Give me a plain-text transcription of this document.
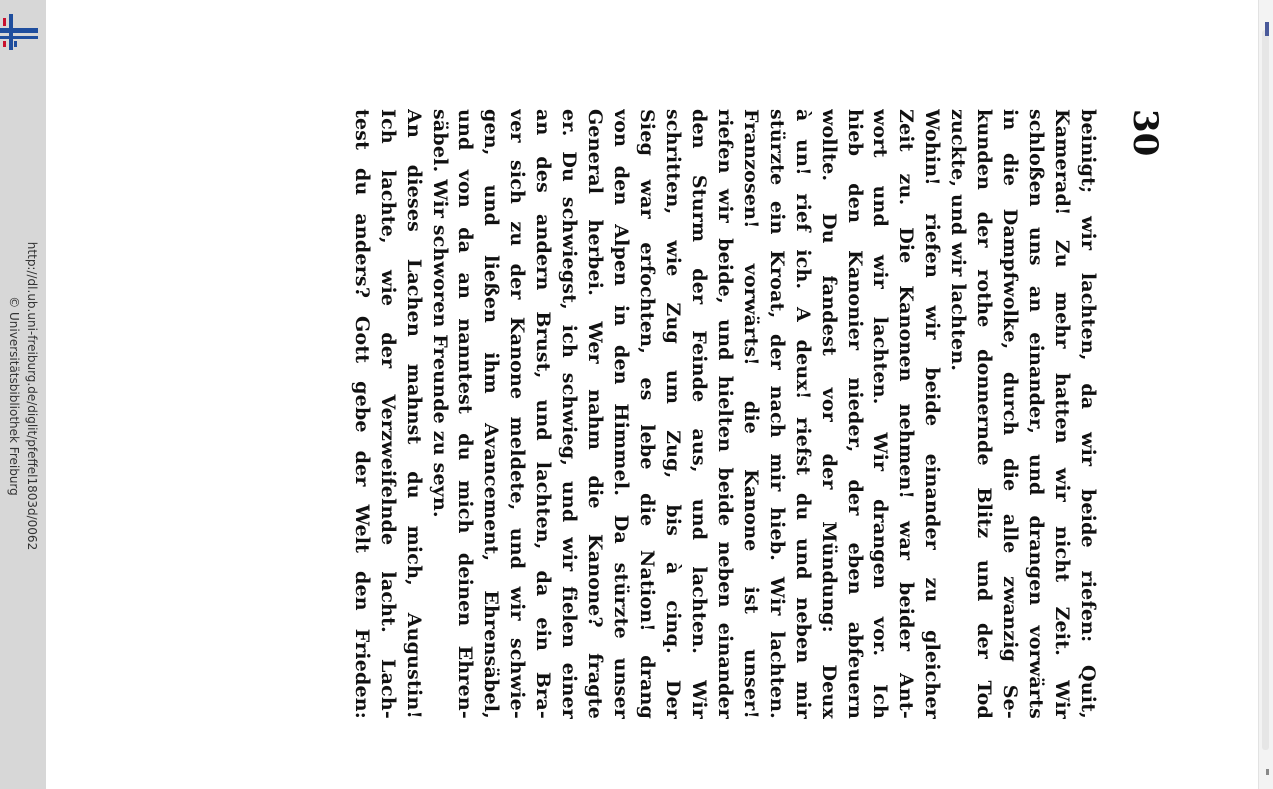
http://dl.ub.uni-freiburg.de/diglit/pfeffel1803d/0062
© Universitätsbibliothek Freiburg
30
beinigt; wir lachten, da wir beide riefen: Quit,
Kamerad! Zu mehr hatten wir nicht Zeit. Wir
schloßen uns an einander, und drangen vorwärts
in die Dampfwolke, durch die alle zwanzig Se-
kunden der rothe donnernde Blitz und der Tod
zuckte, und wir lachten.
Wohin! riefen wir beide einander zu gleicher
Zeit zu. Die Kanonen nehmen! war beider Ant-
wort und wir lachten. Wir drangen vor. Ich
hieb den Kanonier nieder, der eben abfeuern
wollte. Du fandest vor der Mündung: Deux
à un! rief ich. A deux! riefst du und neben mir
stürzte ein Kroat, der nach mir hieb. Wir lachten.
Franzosen! vorwärts! die Kanone ist unser!
riefen wir beide, und hielten beide neben einander
den Sturm der Feinde aus, und lachten. Wir
schritten, wie Zug um Zug, bis à cinq. Der
Sieg war erfochten, es lebe die Nation! drang
von den Alpen in den Himmel. Da stürzte unser
General herbei. Wer nahm die Kanone? fragte
er. Du schwiegst, ich schwieg, und wir fielen einer
an des andern Brust, und lachten, da ein Bra-
ver sich zu der Kanone meldete, und wir schwie-
gen, und ließen ihm Avancement, Ehrensäbel,
und von da an nanntest du mich deinen Ehren-
säbel. Wir schworen Freunde zu seyn.
An dieses Lachen mahnst du mich, Augustin!
Ich lachte, wie der Verzweifelnde lacht. Lach-
test du anders? Gott gebe der Welt den Frieden:
